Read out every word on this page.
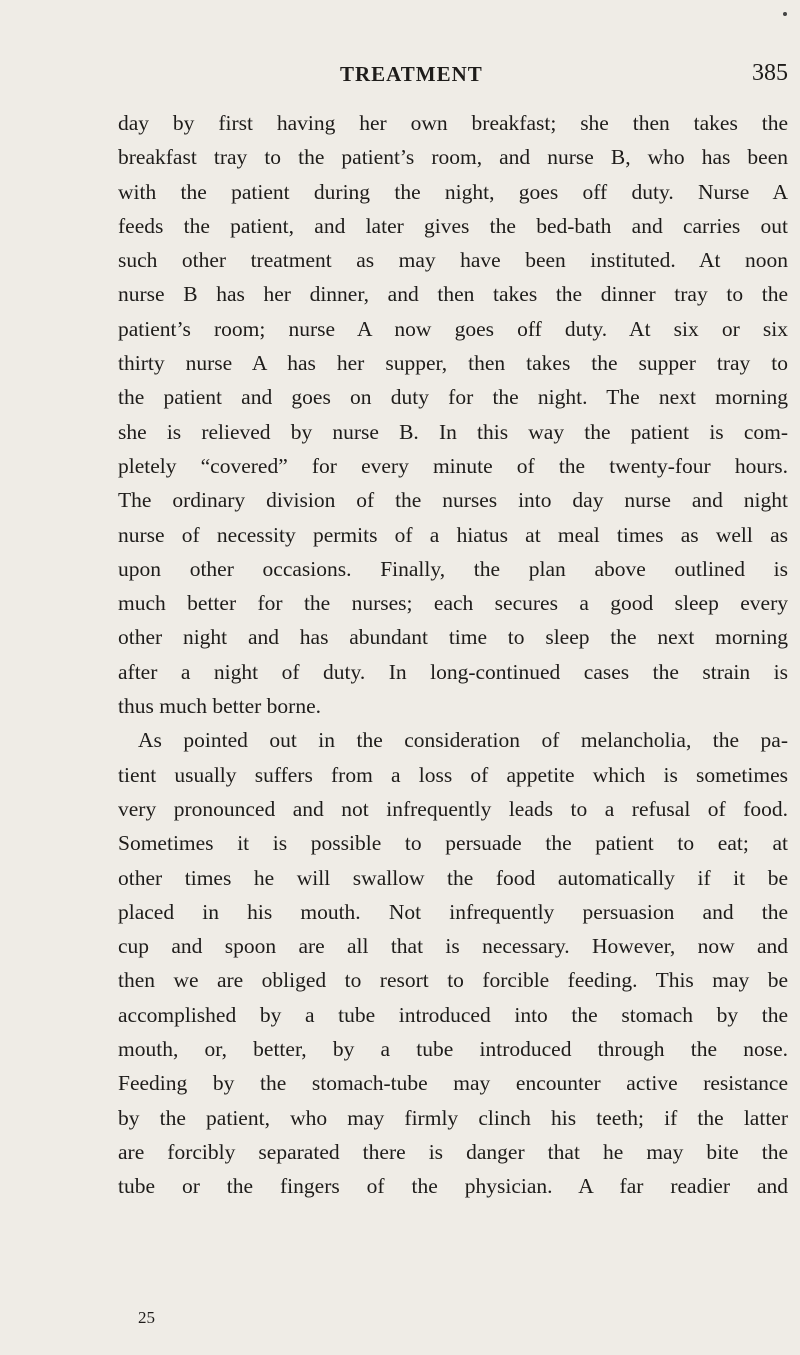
TREATMENT	385
day by first having her own breakfast; she then takes the
breakfast tray to the patient’s room, and nurse B, who has been
with the patient during the night, goes off duty. Nurse A
feeds the patient, and later gives the bed-bath and carries out
such other treatment as may have been instituted. At noon
nurse B has her dinner, and then takes the dinner tray to the
patient’s room; nurse A now goes off duty. At six or six
thirty nurse A has her supper, then takes the supper tray to
the patient and goes on duty for the night. The next morning
she is relieved by nurse B. In this way the patient is com-
pletely “covered” for every minute of the twenty-four hours.
The ordinary division of the nurses into day nurse and night
nurse of necessity permits of a hiatus at meal times as well as
upon other occasions. Finally, the plan above outlined is
much better for the nurses; each secures a good sleep every
other night and has abundant time to sleep the next morning
after a night of duty. In long-continued cases the strain is
thus much better borne.
As pointed out in the consideration of melancholia, the pa-
tient usually suffers from a loss of appetite which is sometimes
very pronounced and not infrequently leads to a refusal of food.
Sometimes it is possible to persuade the patient to eat; at
other times he will swallow the food automatically if it be
placed in his mouth. Not infrequently persuasion and the
cup and spoon are all that is necessary. However, now and
then we are obliged to resort to forcible feeding. This may be
accomplished by a tube introduced into the stomach by the
mouth, or, better, by a tube introduced through the nose.
Feeding by the stomach-tube may encounter active resistance
by the patient, who may firmly clinch his teeth; if the latter
are forcibly separated there is danger that he may bite the
tube or the fingers of the physician. A far readier and
25
